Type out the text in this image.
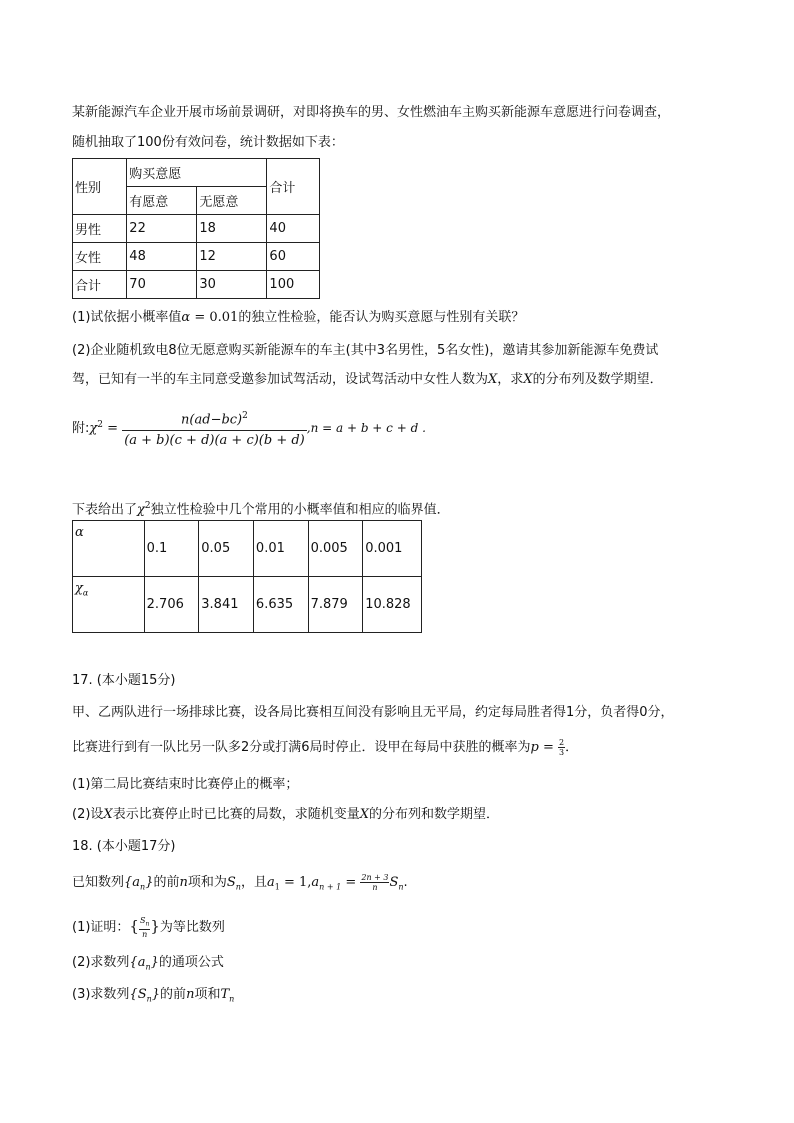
某新能源汽车企业开展市场前景调研，对即将换车的男、女性燃油车主购买新能源车意愿进行问卷调查，
随机抽取了100份有效问卷，统计数据如下表：
性别	购买意愿		合计
	有愿意	无愿意	
男性	22	18	40
女性	48	12	60
合计	70	30	100
(1)试依据小概率值α = 0.01的独立性检验，能否认为购买意愿与性别有关联？
(2)企业随机致电8位无愿意购买新能源车的车主(其中3名男性，5名女性)，邀请其参加新能源车免费试
驾，已知有一半的车主同意受邀参加试驾活动，设试驾活动中女性人数为X，求X的分布列及数学期望．
附$:\chi^2 = \frac{n(ad-bc)^2}{(a + b)(c + d)(a + c)(b + d)} ,n = a + b + c + d$ .
下表给出了$\chi^2$独立性检验中几个常用的小概率值和相应的临界值．
α	0.1	0.05	0.01	0.005	0.001
$\chi_\alpha$	2.706	3.841	6.635	7.879	10.828
17. (本小题15分)
甲、乙两队进行一场排球比赛，设各局比赛相互间没有影响且无平局，约定每局胜者得1分，负者得0分，
比赛进行到有一队比另一队多2分或打满6局时停止．设甲在每局中获胜的概率为$p = \frac{2}{3}$ ．
(1)第二局比赛结束时比赛停止的概率；
(2)设X表示比赛停止时已比赛的局数，求随机变量X的分布列和数学期望．
18. (本小题17分)
已知数列$\{a_n\}$的前n项和为$S_n$，且$a_1 = 1,a_{n + 1} = \frac{2n + 3}{n} S_n$.
(1)证明：{ $\frac{S_n}{n}$ }为等比数列
(2)求数列$\{a_n\}$的通项公式
(3)求数列$\{S_n\}$的前n项和$T_n$
